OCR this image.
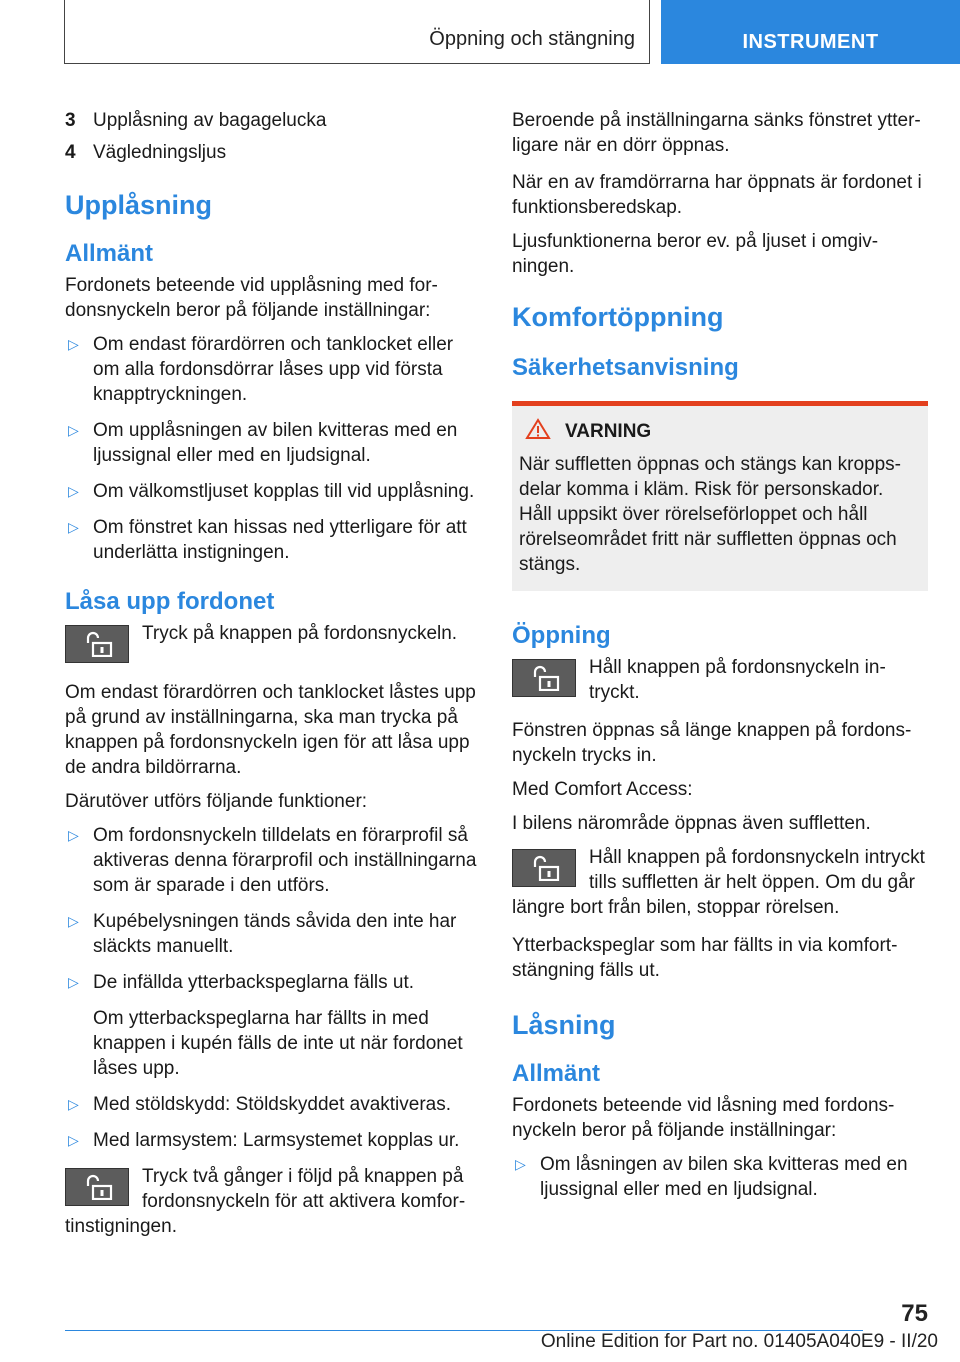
Öppning och stängning	INSTRUMENT
3 Upplåsning av bagagelucka
4 Vägledningsljus
Upplåsning
Allmänt

Fordonets beteende vid upplåsning med fordonsnyckeln beror på följande inställningar:

▷ Om endast förardörren och tanklocket eller om alla fordonsdörrar låses upp vid första knapptryckningen.
▷ Om upplåsningen av bilen kvitteras med en ljussignal eller med en ljudsignal.
▷ Om välkomstljuset kopplas till vid upplåsning.
▷ Om fönstret kan hissas ned ytterligare för att underlätta instigningen.
Låsa upp fordonet
Tryck på knappen på fordonsnyckeln.

Om endast förardörren och tanklocket låstes upp på grund av inställningarna, ska man trycka på knappen på fordonsnyckeln igen för att låsa upp de andra bildörrarna.

Därutöver utförs följande funktioner:

▷ Om fordonsnyckeln tilldelats en förarprofil så aktiveras denna förarprofil och inställningarna som är sparade i den utförs.
▷ Kupébelysningen tänds såvida den inte har släckts manuellt.
▷ De infällda ytterbackspeglarna fälls ut.

Om ytterbackspeglarna har fällts in med knappen i kupén fälls de inte ut när fordonet låses upp.

▷ Med stöldskydd: Stöldskyddet avaktiveras.
▷ Med larmsystem: Larmsystemet kopplas ur.
Tryck två gånger i följd på knappen på fordonsnyckeln för att aktivera komfortinstigningen.

Beroende på inställningarna sänks fönstret ytterligare när en dörr öppnas.

När en av framdörrarna har öppnats är fordonet i funktionsberedskap.

Ljusfunktionerna beror ev. på ljuset i omgivningen.

Komfortöppning
Säkerhetsanvisning
VARNING

När suffletten öppnas och stängs kan kroppsdelar komma i kläm. Risk för personskador. Håll uppsikt över rörelseförloppet och håll rörelseområdet fritt när suffletten öppnas och stängs.

Öppning
Håll knappen på fordonsnyckeln intryckt.

Fönstren öppnas så länge knappen på fordonsnyckeln trycks in.

Med Comfort Access:

I bilens närområde öppnas även suffletten.

Håll knappen på fordonsnyckeln intryckt tills suffletten är helt öppen. Om du går längre bort från bilen, stoppar rörelsen.

Ytterbackspeglar som har fällts in via komfortstängning fälls ut.

Låsning
Allmänt

Fordonets beteende vid låsning med fordonsnyckeln beror på följande inställningar:

▷ Om låsningen av bilen ska kvitteras med en ljussignal eller med en ljudsignal.
75
Online Edition for Part no. 01405A040E9 - II/20
